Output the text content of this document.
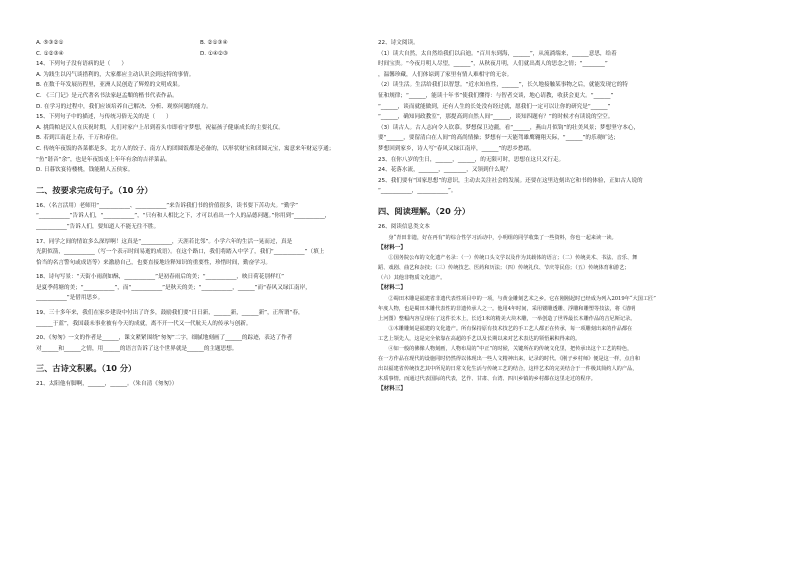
A. ⑤③②①	B. ②①③④
C. ①②③④	D. ①④②③
14、下列句子没有语病的是（　　）
A. 为践生以闪气谈措利的，大家都应主动认识会到这特的事情。
B. 在数千年发展历程里，亚洲人民创造了辉煌的文明成果。
C. 《三门记》是元代著名书法家赵孟頫的楷书代表作品。
D. 在学习的过程中，我们应该培养自己解决、分析、观察问题的能力。
15、下列句子中的描述，与传统习俗无关的是（　　）
A. 挑筒帕是汉人在庆祝时期，人们对家户上吊到着头巾即看守梦想，祝福孩子健康成长的主要礼仪。
B. 若到江南赶上春，千万和春住。
C. 传统年夜饭的各菜都是多，北方人的饺子、南方人的团圆饭都是必备的，以形状财宝和团圆元宝，寓意来年财运亨通；
“鱼”谐音“余”，也是年夜饭桌上年年有余的吉祥菜品。
D. 日暮饮宴待楼桃，钱能精人五侯家。
二、按要求完成句子。（10 分）
16、（名言活用）老师用“___________、___________”来告诉我们书的价值很多，读书要下苦功夫。“勤学”
“___________”告诉人们，“___________”，“只有和人相比之下，才可以看出一个人的品德问题。”你用到“___________，
___________”告诉人们，要知道人不能无往不胜。
17、同学之间的情谊多么深厚啊！这真是“___________，天涯若比邻”。小学六年的生活一晃而过，真是
光阴似箭，___________（写一个表示时间易逝的成语）。在这个路口，我们将踏入中学了，我们“___________”（填上
恰当的名言警句或成语等）来激励自己，也要直接地诠释知识的重要性，珍惜时间，勤奋学习。
18、诗句写景：“天街小雨润如酥，___________”是初春雨后的美；“___________，映日荷花别样红”
是夏季荷塘的美；“___________”，而“___________”是秋天的美；“___________，______”而“春风又绿江南岸，
___________”是借用思乡。
19、三十多年来，我们在家乡建设中付出了许多，鼓励我们要“日日新，______新，______新”，正所谓“春，
______于蓝”，我国载未事业被有今天的成就，离不开一代又一代航天人的传承与创新。
20、《匆匆》一文的作者是______，课文紧紧围绕“匆匆”二字，细腻地刻画了______的踪迹，表达了作者
对______和______之情，用______的语言告诉了这个世界就是______的主题思想。
三、古诗文积累。（10 分）
21、太阳他有脚啊，______，______。（朱自清《匆匆》）
22、诗文阅读。
（1）读大自然，太自然给我们以启迪。“百川东到海，______”，从流淌端来，______意思，给着
时间宝贵。“今夜月明人尽望，______”，从秋夜月明，人们就出离人的思念之情；“________”
，温馨珍藏，人们体谅到了家里有情人难相守的无奈。
（2）读生活。生活给我们以智慧。“近水知鱼性，______”，长久地接触某事物之后，就能发现它的特
征和规律；“______，能读十年书”使我们懂得：与智者交谈，地心请教，收获会更大。“______”
“______，谈而就能做到，还有人生的长处没有经过就，愿我们一定可以让你的研究是“______”
“______，确知同政教室”，那提高到自然人间“______，谈知四题有？”的时候才有读说的空空。
（3）读古人。古人志向令人钦慕。梦想保卫边疆，看“______，燕山月似钩”的壮美风景；梦想坚守本心，
要“______，要留清白在人间”的高尚情操；梦想有一天能驾雄鹰翱翔天际，“______”的乐观旷达；
梦想回到家乡，诗人写“春风又绿江南岸，______”的思乡愁绪。
23、在你八岁的生日，______，______，的无限可时，思想在这只又行走。
24、花落水流，_______，________，又领到什么呢？
25、我们要有“国家思想”的意识，主动去关注社会的发展。还要在这里边刻出它和书的体验，正如古人说的
“___________，___________”。
四、阅读理解。（20 分）
26、阅读信息类文本
　　身“青田非遗，好在再有”的综合性学习活动中，小明组的同学收集了一些资料，你也一起来读一读。
【材料一】
　　①国务院公布的文化遗产名录：（一）传统口头文学以及作为其载体的语言；（二）传统美术、书法、音乐、舞
蹈、戏剧、曲艺和杂技；（三）传统技艺、医药和历法；（四）传统礼仪、节庆等民俗；（五）传统体育和游艺；
（六）其他非物质文化遗产。
【材料二】
　　②蜀田木雕是福建省非遗代表性项目中的一项，与黄金雕刻艺术之乡。它在刚刚起时已经成为列入2019年“大国工匠”
年度人物，也是蜀田木雕代表性的非遗传承人之一。他用4年时间，采用镂雕透雕、浮雕和雕塑等技法，将《清明
上河图》整幅内容呈现在了这件长木上，长近1米的精美大块木雕，一举创造了世界最长木雕作品的吉尼斯记录。
　　③木雕雕刻是福建的文化遗产。所有保持原有技术技艺的手工艺人都正在传承，每一项雕刻出来的作品都在
工艺上领先人，这是完全依靠在高超的手艺以及长期以来对艺术表达的领悟累积得来的。
　　④如一般的佛像人物刻画，人物布局的“中正”的时候，关键所在的传统文化里，把传承出这个工艺的特色，
在一方作品在现代的设施同时仍然得以体现出一些人文精神出来，记录的时代。《刚子乡村师》便是这一样，点自和
出以福建省传统技艺其中所见的日常文化生活与传统工艺的结合，这样艺术的完美结合于一件极其简约人的产品，
木质事情。而通过代表国际的代表，艺作、甘肃、台湾、四川乡镇的乡村都在这里走过的程序。
【材料三】
